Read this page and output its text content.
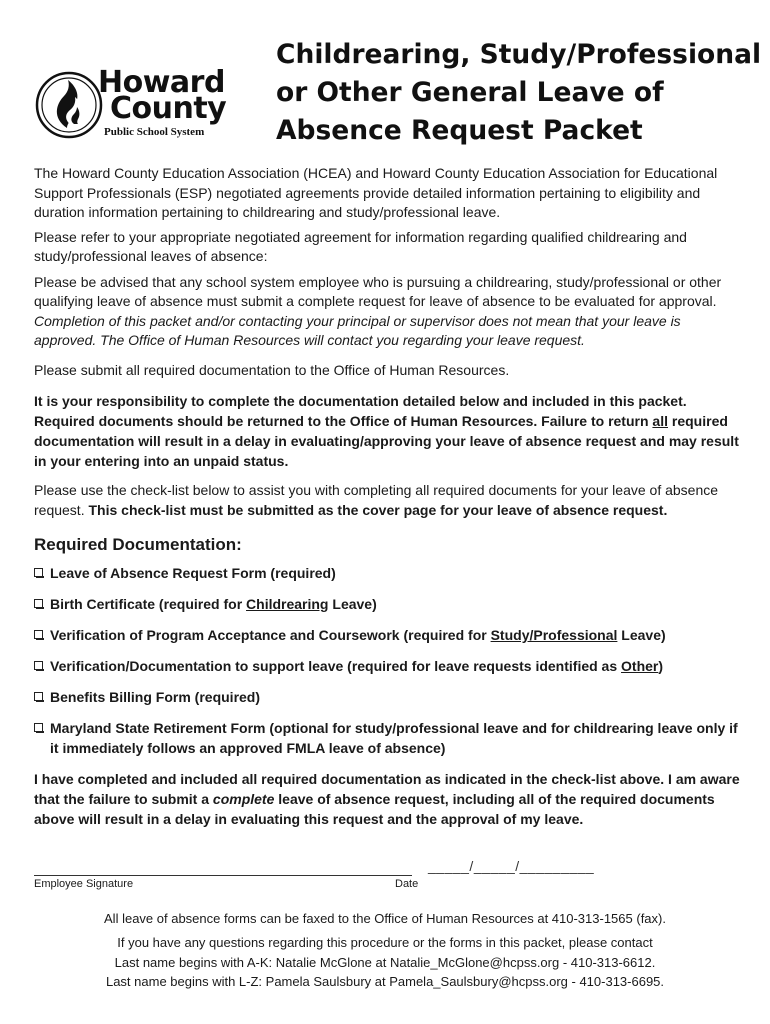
Howard
County
Public School System
Childrearing, Study/Professional
or Other General Leave of
Absence Request Packet

The Howard County Education Association (HCEA) and Howard County Education Association for Educational Support Professionals (ESP) negotiated agreements provide detailed information pertaining to eligibility and duration information pertaining to childrearing and study/professional leave.

Please refer to your appropriate negotiated agreement for information regarding qualified childrearing and study/professional leaves of absence:

Please be advised that any school system employee who is pursuing a childrearing, study/professional or other qualifying leave of absence must submit a complete request for leave of absence to be evaluated for approval. Completion of this packet and/or contacting your principal or supervisor does not mean that your leave is approved. The Office of Human Resources will contact you regarding your leave request.

Please submit all required documentation to the Office of Human Resources.

It is your responsibility to complete the documentation detailed below and included in this packet. Required documents should be returned to the Office of Human Resources. Failure to return all required documentation will result in a delay in evaluating/approving your leave of absence request and may result in your entering into an unpaid status.

Please use the check-list below to assist you with completing all required documents for your leave of absence request. This check-list must be submitted as the cover page for your leave of absence request.

Required Documentation:
Leave of Absence Request Form (required)
Birth Certificate (required for Childrearing Leave)
Verification of Program Acceptance and Coursework (required for Study/Professional Leave)
Verification/Documentation to support leave (required for leave requests identified as Other)
Benefits Billing Form (required)
Maryland State Retirement Form (optional for study/professional leave and for childrearing leave only if it immediately follows an approved FMLA leave of absence)

I have completed and included all required documentation as indicated in the check-list above. I am aware that the failure to submit a complete leave of absence request, including all of the required documents above will result in a delay in evaluating this request and the approval of my leave.

_____/_____/_________
Employee Signature	Date
All leave of absence forms can be faxed to the Office of Human Resources at 410-313-1565 (fax).
If you have any questions regarding this procedure or the forms in this packet, please contact
Last name begins with A-K: Natalie McGlone at Natalie_McGlone@hcpss.org - 410-313-6612.
Last name begins with L-Z: Pamela Saulsbury at Pamela_Saulsbury@hcpss.org - 410-313-6695.
